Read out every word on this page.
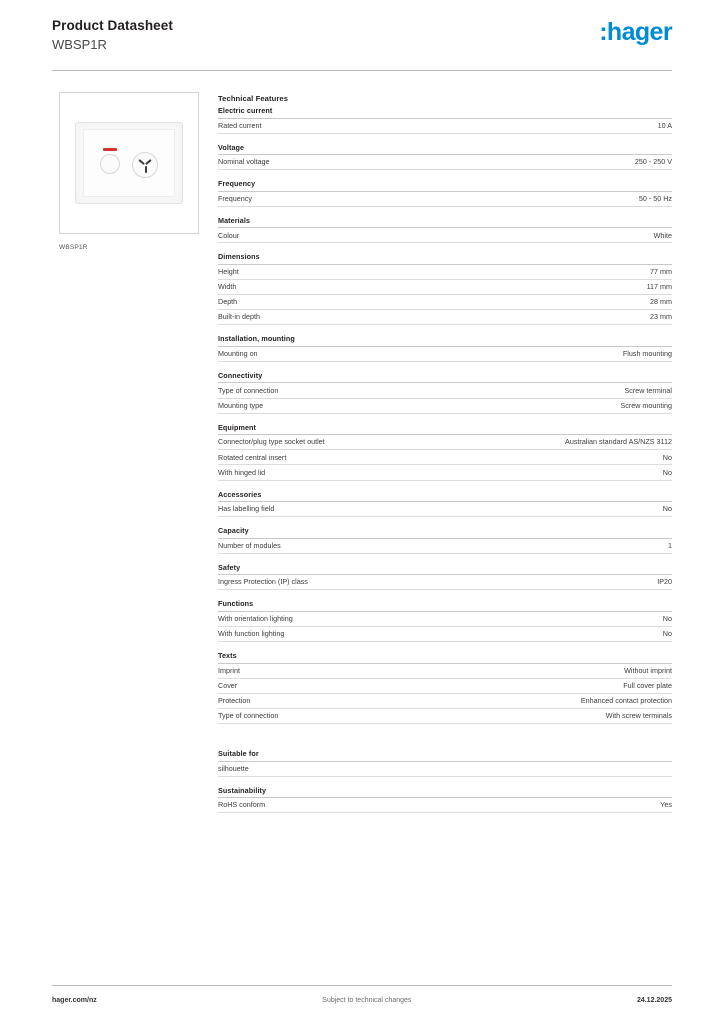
Product Datasheet
WBSP1R	:hager
WBSP1R
Technical Features
Electric current
Rated current	10 A
Voltage
Nominal voltage	250 - 250 V
Frequency
Frequency	50 - 50 Hz
Materials
Colour	White
Dimensions
Height	77 mm
Width	117 mm
Depth	28 mm
Built-in depth	23 mm
Installation, mounting
Mounting on	Flush mounting
Connectivity
Type of connection	Screw terminal
Mounting type	Screw mounting
Equipment
Connector/plug type socket outlet	Australian standard AS/NZS 3112
Rotated central insert	No
With hinged lid	No
Accessories
Has labelling field	No
Capacity
Number of modules	1
Safety
Ingress Protection (IP) class	IP20
Functions
With orientation lighting	No
With function lighting	No
Texts
Imprint	Without imprint
Cover	Full cover plate
Protection	Enhanced contact protection
Type of connection	With screw terminals
Suitable for
silhouette
Sustainability
RoHS conform	Yes
hager.com/nz	Subject to technical changes	24.12.2025
